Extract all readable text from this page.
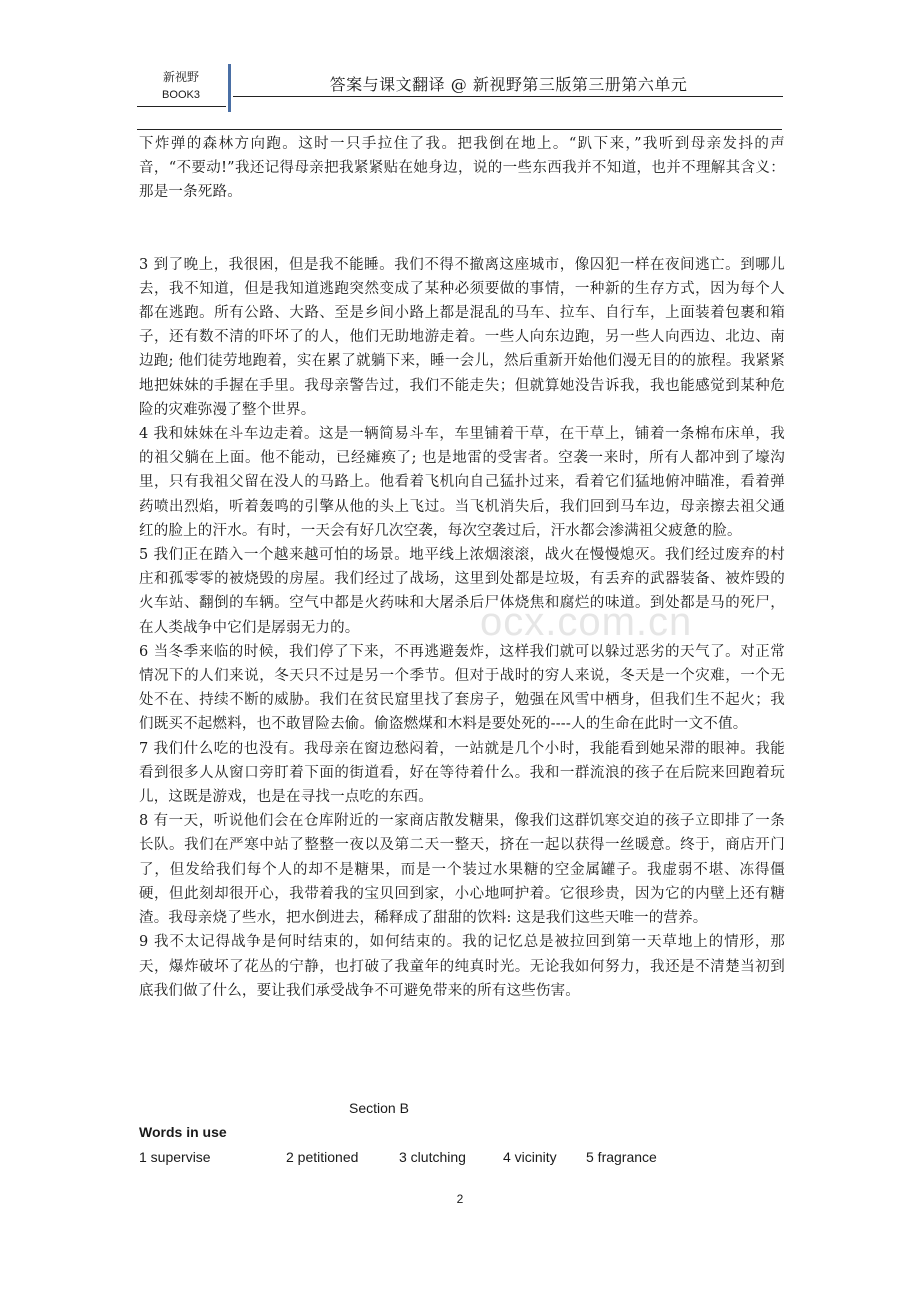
新视野
BOOK3
答案与课文翻译 @ 新视野第三版第三册第六单元
ocx.com.cn

下炸弹的森林方向跑。这时一只手拉住了我。把我倒在地上。“趴下来，”我听到母亲发抖的声音，“不要动!”我还记得母亲把我紧紧贴在她身边，说的一些东西我并不知道，也并不理解其含义：那是一条死路。

3 到了晚上，我很困，但是我不能睡。我们不得不撤离这座城市，像囚犯一样在夜间逃亡。到哪儿去，我不知道，但是我知道逃跑突然变成了某种必须要做的事情，一种新的生存方式，因为每个人都在逃跑。所有公路、大路、至是乡间小路上都是混乱的马车、拉车、自行车，上面装着包裹和箱子，还有数不清的吓坏了的人，他们无助地游走着。一些人向东边跑，另一些人向西边、北边、南边跑; 他们徒劳地跑着，实在累了就躺下来，睡一会儿，然后重新开始他们漫无目的的旅程。我紧紧地把妹妹的手握在手里。我母亲警告过，我们不能走失；但就算她没告诉我，我也能感觉到某种危险的灾难弥漫了整个世界。

4 我和妹妹在斗车边走着。这是一辆简易斗车，车里铺着干草，在干草上，铺着一条棉布床单，我的祖父躺在上面。他不能动，已经瘫痪了; 也是地雷的受害者。空袭一来时，所有人都冲到了壕沟里，只有我祖父留在没人的马路上。他看着飞机向自己猛扑过来，看着它们猛地俯冲瞄准，看着弹药喷出烈焰，听着轰鸣的引擎从他的头上飞过。当飞机消失后，我们回到马车边，母亲擦去祖父通红的脸上的汗水。有时，一天会有好几次空袭，每次空袭过后，汗水都会渗满祖父疲惫的脸。

5 我们正在踏入一个越来越可怕的场景。地平线上浓烟滚滚，战火在慢慢熄灭。我们经过废弃的村庄和孤零零的被烧毁的房屋。我们经过了战场，这里到处都是垃圾，有丢弃的武器装备、被炸毁的火车站、翻倒的车辆。空气中都是火药味和大屠杀后尸体烧焦和腐烂的味道。到处都是马的死尸，在人类战争中它们是孱弱无力的。

6 当冬季来临的时候，我们停了下来，不再逃避轰炸，这样我们就可以躲过恶劣的天气了。对正常情况下的人们来说，冬天只不过是另一个季节。但对于战时的穷人来说，冬天是一个灾难，一个无处不在、持续不断的威胁。我们在贫民窟里找了套房子，勉强在风雪中栖身，但我们生不起火；我们既买不起燃料，也不敢冒险去偷。偷盗燃煤和木料是要处死的----人的生命在此时一文不值。

7 我们什么吃的也没有。我母亲在窗边愁闷着，一站就是几个小时，我能看到她呆滞的眼神。我能看到很多人从窗口旁盯着下面的街道看，好在等待着什么。我和一群流浪的孩子在后院来回跑着玩儿，这既是游戏，也是在寻找一点吃的东西。

8 有一天，听说他们会在仓库附近的一家商店散发糖果，像我们这群饥寒交迫的孩子立即排了一条长队。我们在严寒中站了整整一夜以及第二天一整天，挤在一起以获得一丝暖意。终于，商店开门了，但发给我们每个人的却不是糖果，而是一个装过水果糖的空金属罐子。我虚弱不堪、冻得僵硬，但此刻却很开心，我带着我的宝贝回到家，小心地呵护着。它很珍贵，因为它的内壁上还有糖渣。我母亲烧了些水，把水倒进去，稀释成了甜甜的饮料: 这是我们这些天唯一的营养。

9 我不太记得战争是何时结束的，如何结束的。我的记忆总是被拉回到第一天草地上的情形，那天，爆炸破坏了花丛的宁静，也打破了我童年的纯真时光。无论我如何努力，我还是不清楚当初到底我们做了什么，要让我们承受战争不可避免带来的所有这些伤害。

Section B
Words in use
1 supervise	2 petitioned	3 clutching	4 vicinity 5 fragrance
2
